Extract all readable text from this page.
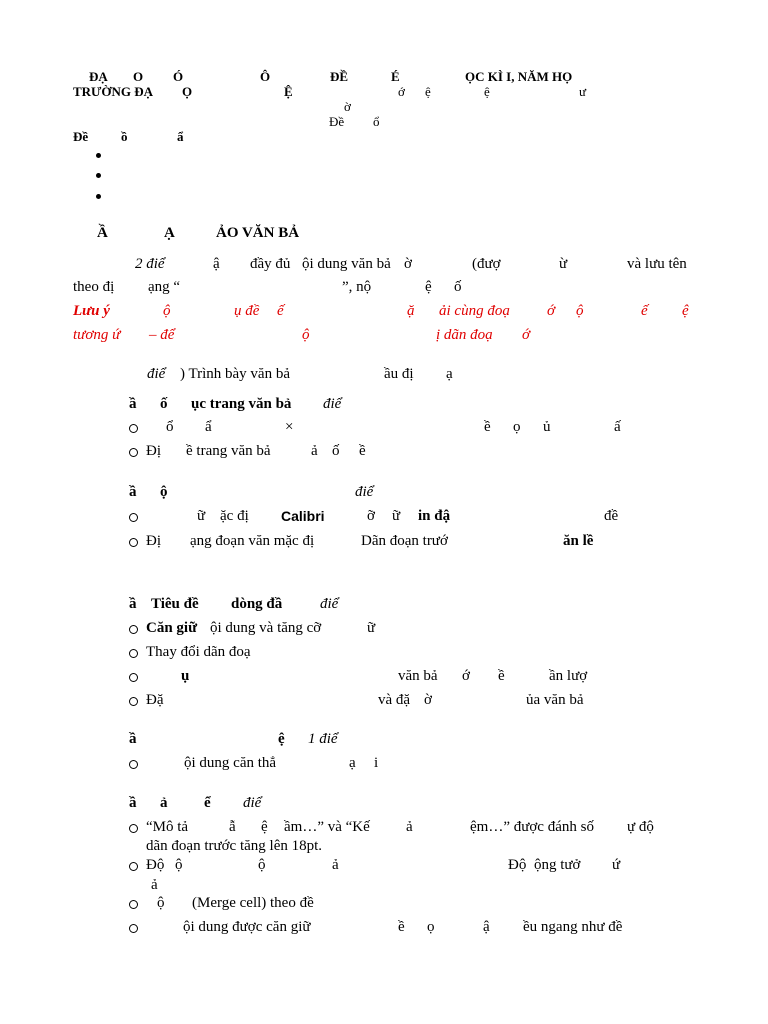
ĐẠ O Ó	Ô	ĐỀ	É	ỌC KÌ I, NĂM HỌ
TRƯỜNG ĐẠ Ọ	Ệ	ớ ệ	ệ	ư
ờ
Đề ổ
Đề	ồ	ẩ
Ầ	Ạ	ẢO VĂN BẢ
2 điể	ậ đầy đủ ội dung văn bả ờ	(đượ	ừ	và lưu tên
theo đị ạng “	”, nộ	ệ ố
Lưu ý	ộ	ụ đề ế	ặ ải cùng đoạ ớ ộ	ế ệ
tương ứ – để	ộ	ị dãn đoạ ớ
điể ) Trình bày văn bả	ầu đị ạ
ầ ố ục trang văn bả điể
ổ ẩ	×	ề ọ ủ	ấ
Đị ề trang văn bả	ả ố ề
ầ ộ	điể
ữ ặc đị Calibri	ỡ ữ in đậ	đề
Đị ạng đoạn văn mặc đị	Dãn đoạn trướ	ăn lề
ầ Tiêu đề dòng đầ	điể
Căn giữ ội dung và tăng cỡ	ữ
Thay đổi dãn đoạ
ụ	văn bả ớ ề	ần lượ
Đặ	và đặ ờ	ủa văn bả
ầ	ệ 1 điể
ội dung căn thẳ	ạ i
ầ ả ể điể
“Mô tả	ẫ ệ ầm…” và “Kế ả	ệm…” được đánh số ự độ
dãn đoạn trước tăng lên 18pt.
Độ ộ	ộ	ả	Độ ộng tưở ứ
ả
ộ (Merge cell) theo đề
ội dung được căn giữ	ề ọ	ậ ều ngang như đề
